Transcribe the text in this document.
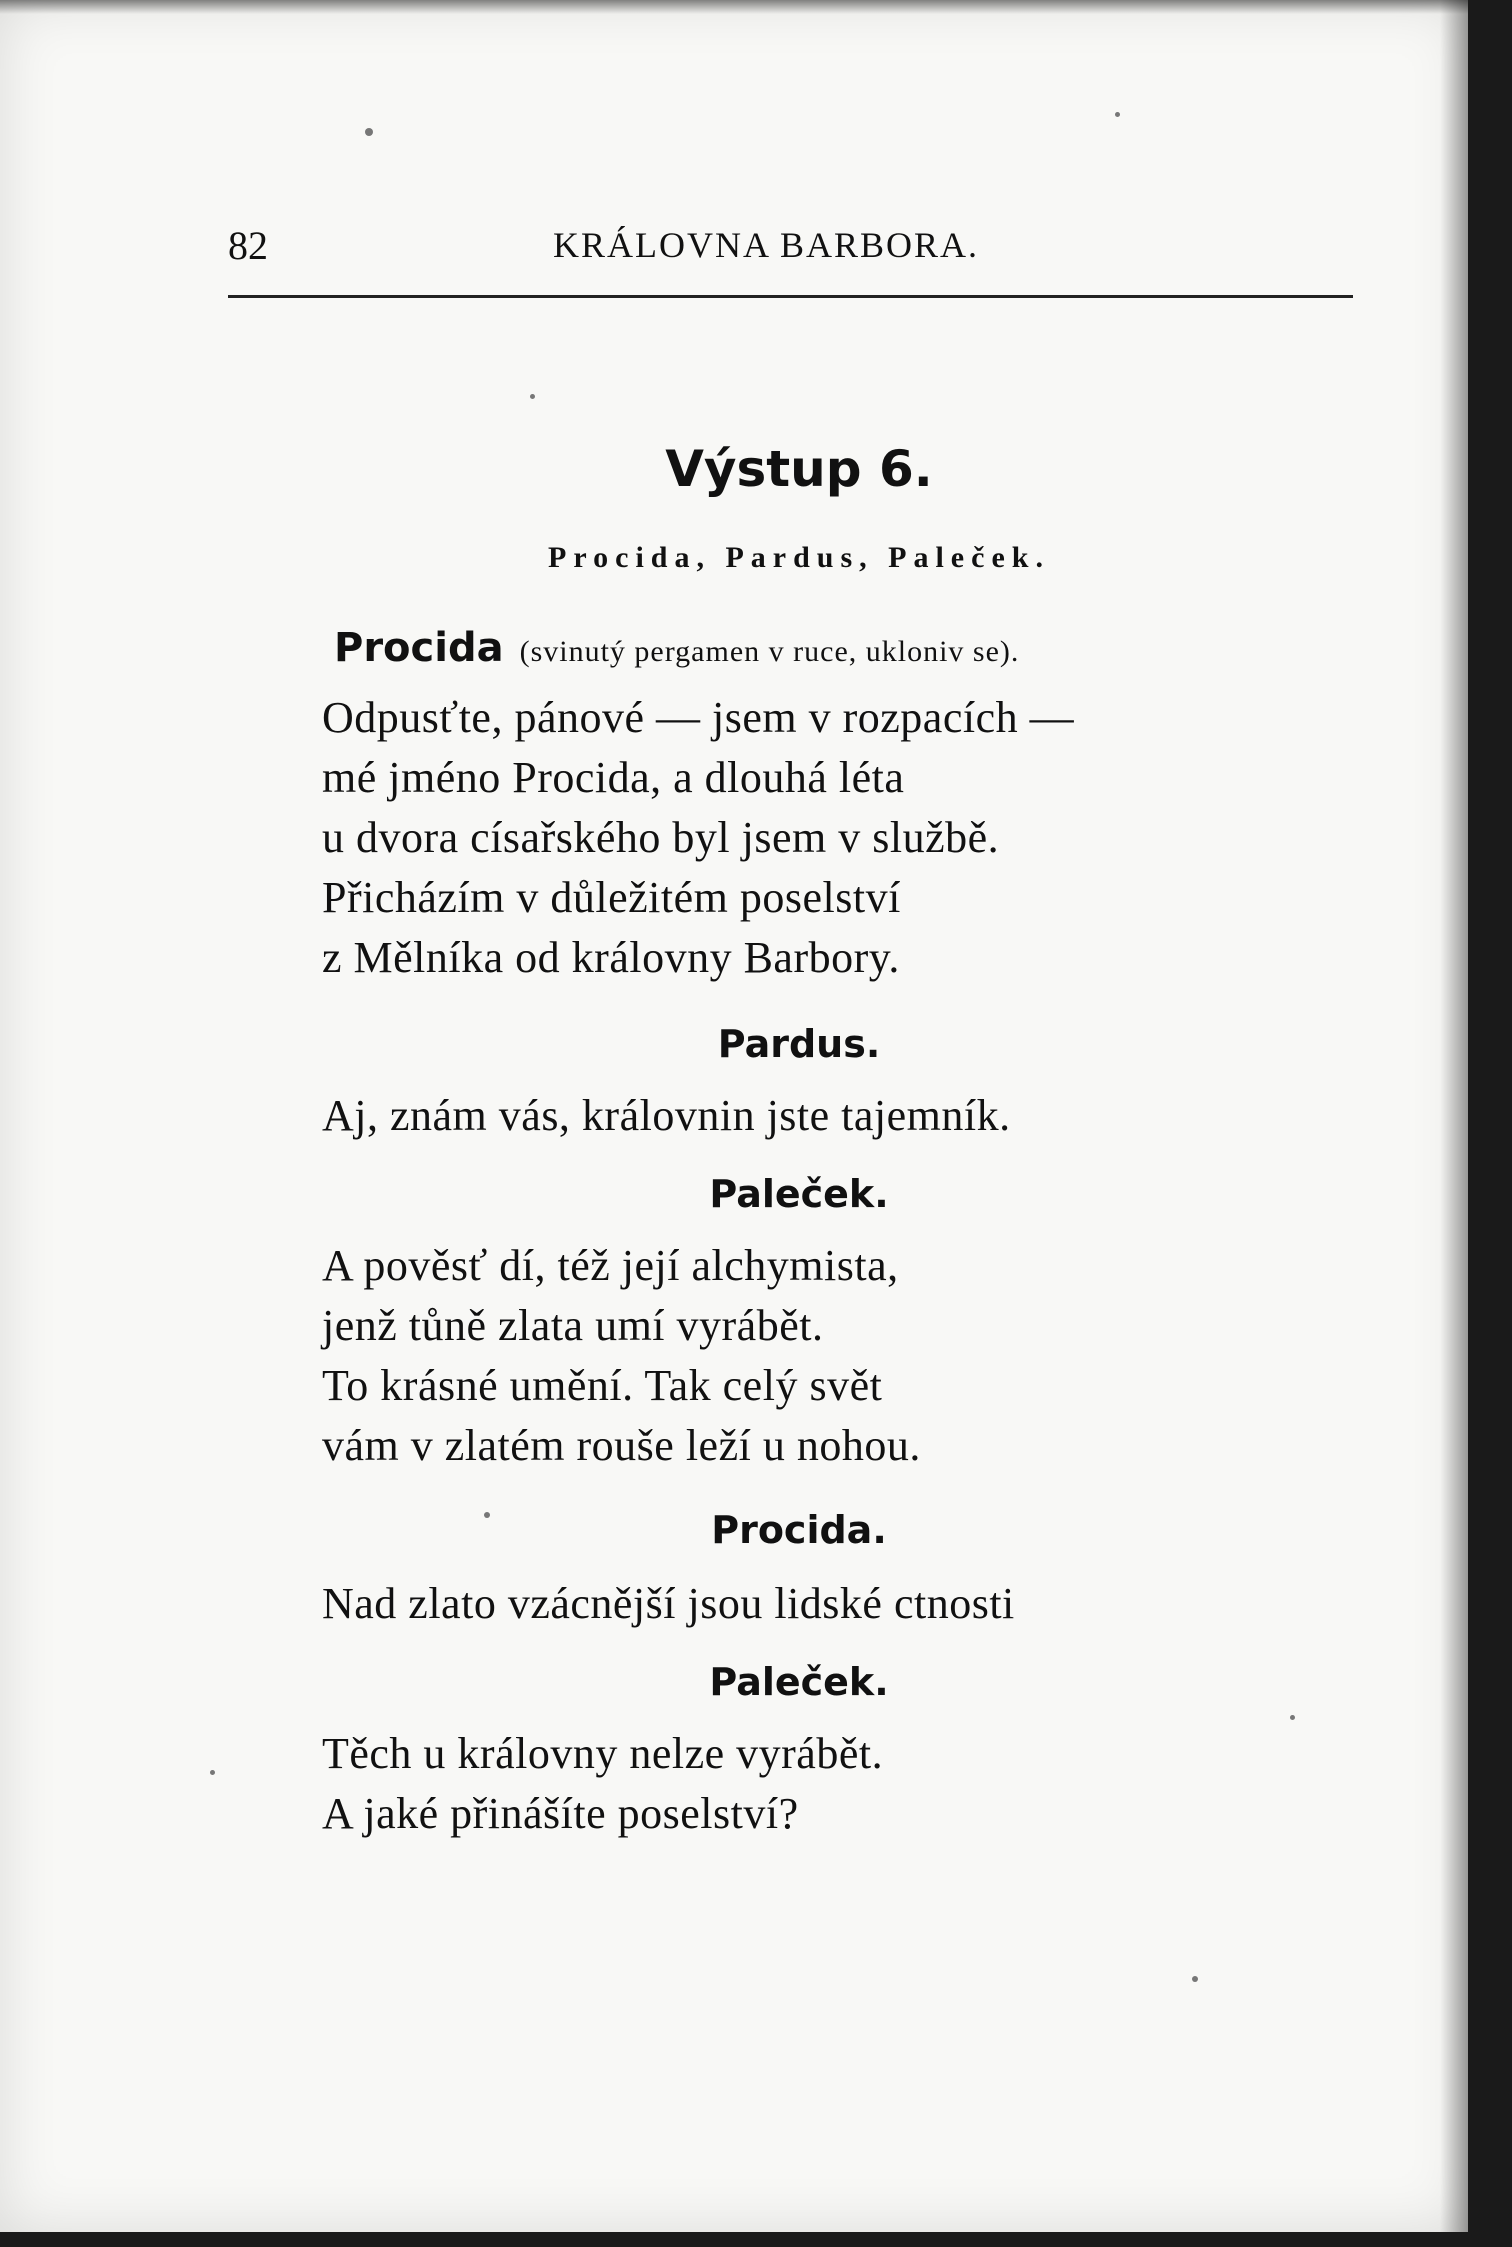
82	KRÁLOVNA BARBORA.
Výstup 6.
Procida, Pardus, Paleček.
Procida (svinutý pergamen v ruce, ukloniv se).
Odpusťte, pánové — jsem v rozpacích —
mé jméno Procida, a dlouhá léta
u dvora císařského byl jsem v službě.
Přicházím v důležitém poselství
z Mělníka od královny Barbory.
Pardus.
Aj, znám vás, královnin jste tajemník.
Paleček.
A pověsť dí, též její alchymista,
jenž tůně zlata umí vyrábět.
To krásné umění. Tak celý svět
vám v zlatém rouše leží u nohou.
Procida.
Nad zlato vzácnější jsou lidské ctnosti
Paleček.
Těch u královny nelze vyrábět.
A jaké přinášíte poselství?
